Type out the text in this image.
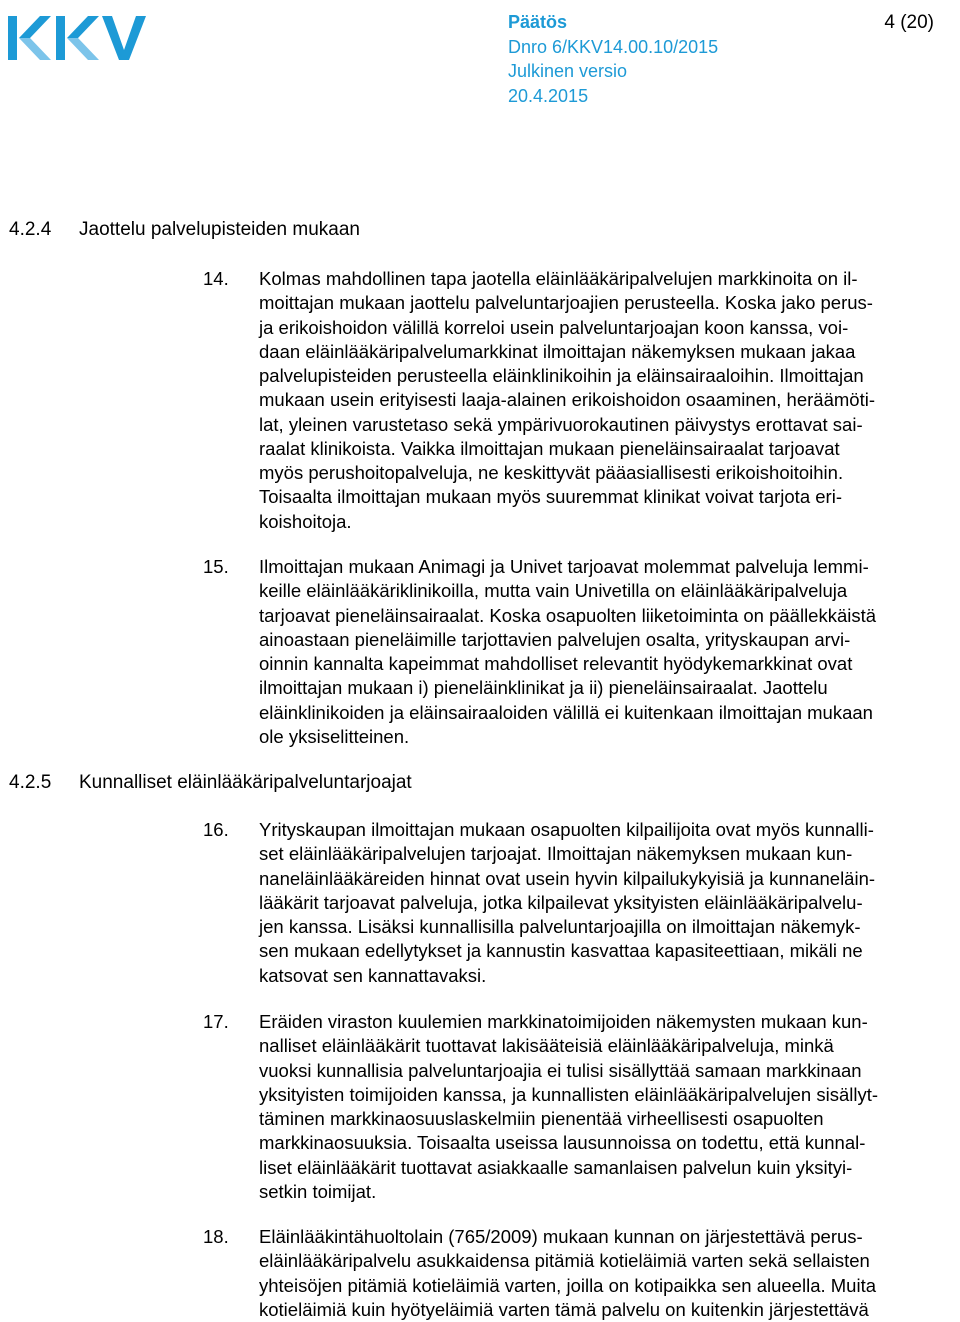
Päätös
Dnro 6/KKV14.00.10/2015
Julkinen versio
20.4.2015
4 (20)
4.2.4 Jaottelu palvelupisteiden mukaan
14. Kolmas mahdollinen tapa jaotella eläinlääkäripalvelujen markkinoita on il-
moittajan mukaan jaottelu palveluntarjoajien perusteella. Koska jako perus-
ja erikoishoidon välillä korreloi usein palveluntarjoajan koon kanssa, voi-
daan eläinlääkäripalvelumarkkinat ilmoittajan näkemyksen mukaan jakaa
palvelupisteiden perusteella eläinklinikoihin ja eläinsairaaloihin. Ilmoittajan
mukaan usein erityisesti laaja-alainen erikoishoidon osaaminen, heräämöti-
lat, yleinen varustetaso sekä ympärivuorokautinen päivystys erottavat sai-
raalat klinikoista. Vaikka ilmoittajan mukaan pieneläinsairaalat tarjoavat
myös perushoitopalveluja, ne keskittyvät pääasiallisesti erikoishoitoihin.
Toisaalta ilmoittajan mukaan myös suuremmat klinikat voivat tarjota eri-
koishoitoja.
15. Ilmoittajan mukaan Animagi ja Univet tarjoavat molemmat palveluja lemmi-
keille eläinlääkäriklinikoilla, mutta vain Univetilla on eläinlääkäripalveluja
tarjoavat pieneläinsairaalat. Koska osapuolten liiketoiminta on päällekkäistä
ainoastaan pieneläimille tarjottavien palvelujen osalta, yrityskaupan arvi-
oinnin kannalta kapeimmat mahdolliset relevantit hyödykemarkkinat ovat
ilmoittajan mukaan i) pieneläinklinikat ja ii) pieneläinsairaalat. Jaottelu
eläinklinikoiden ja eläinsairaaloiden välillä ei kuitenkaan ilmoittajan mukaan
ole yksiselitteinen.
4.2.5 Kunnalliset eläinlääkäripalveluntarjoajat
16. Yrityskaupan ilmoittajan mukaan osapuolten kilpailijoita ovat myös kunnalli-
set eläinlääkäripalvelujen tarjoajat. Ilmoittajan näkemyksen mukaan kun-
naneläinlääkäreiden hinnat ovat usein hyvin kilpailukykyisiä ja kunnaneläin-
lääkärit tarjoavat palveluja, jotka kilpailevat yksityisten eläinlääkäripalvelu-
jen kanssa. Lisäksi kunnallisilla palveluntarjoajilla on ilmoittajan näkemyk-
sen mukaan edellytykset ja kannustin kasvattaa kapasiteettiaan, mikäli ne
katsovat sen kannattavaksi.
17. Eräiden viraston kuulemien markkinatoimijoiden näkemysten mukaan kun-
nalliset eläinlääkärit tuottavat lakisääteisiä eläinlääkäripalveluja, minkä
vuoksi kunnallisia palveluntarjoajia ei tulisi sisällyttää samaan markkinaan
yksityisten toimijoiden kanssa, ja kunnallisten eläinlääkäripalvelujen sisällyt-
täminen markkinaosuuslaskelmiin pienentää virheellisesti osapuolten
markkinaosuuksia. Toisaalta useissa lausunnoissa on todettu, että kunnal-
liset eläinlääkärit tuottavat asiakkaalle samanlaisen palvelun kuin yksityi-
setkin toimijat.
18. Eläinlääkintähuoltolain (765/2009) mukaan kunnan on järjestettävä perus-
eläinlääkäripalvelu asukkaidensa pitämiä kotieläimiä varten sekä sellaisten
yhteisöjen pitämiä kotieläimiä varten, joilla on kotipaikka sen alueella. Muita
kotieläimiä kuin hyötyeläimiä varten tämä palvelu on kuitenkin järjestettävä
